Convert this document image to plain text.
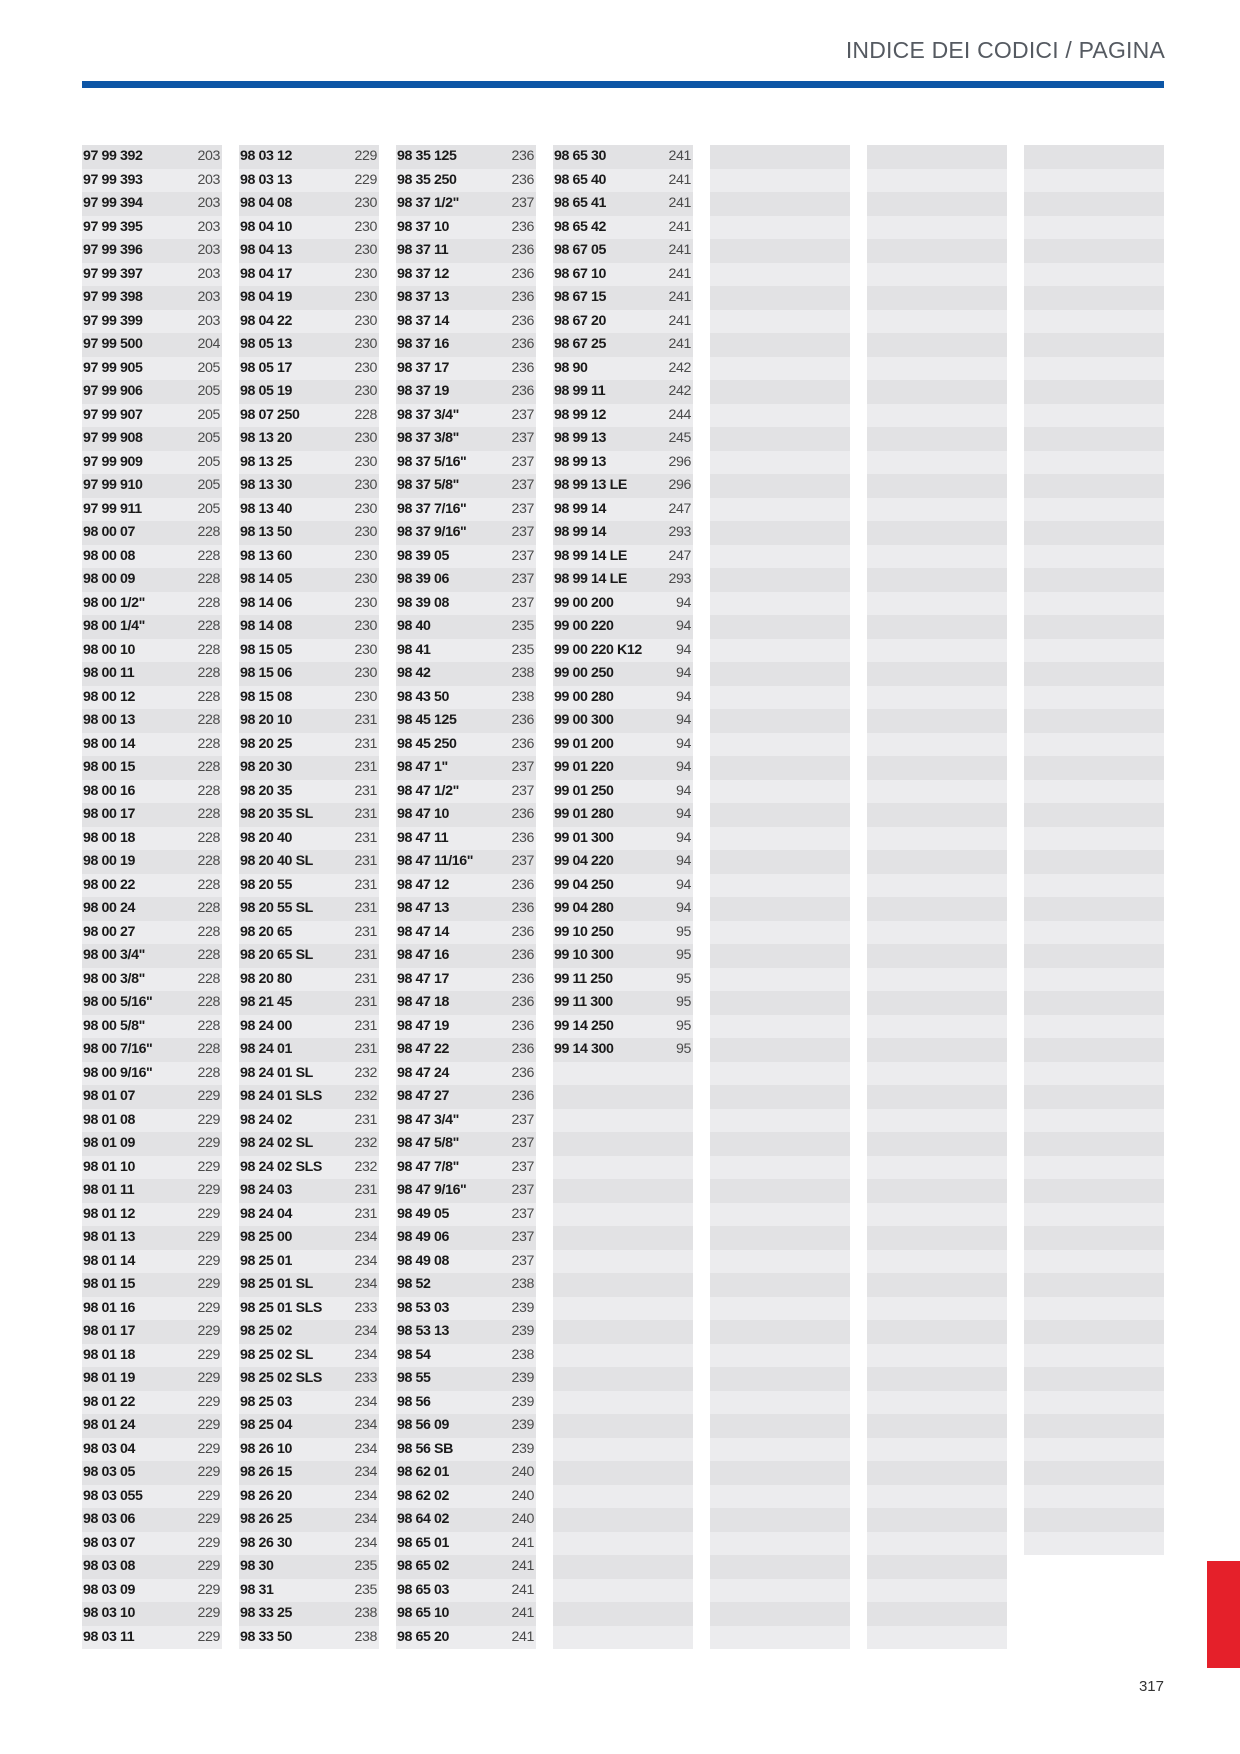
INDICE DEI CODICI / PAGINA
97 99 392	203
97 99 393	203
97 99 394	203
97 99 395	203
97 99 396	203
97 99 397	203
97 99 398	203
97 99 399	203
97 99 500	204
97 99 905	205
97 99 906	205
97 99 907	205
97 99 908	205
97 99 909	205
97 99 910	205
97 99 911	205
98 00 07	228
98 00 08	228
98 00 09	228
98 00 1/2"	228
98 00 1/4"	228
98 00 10	228
98 00 11	228
98 00 12	228
98 00 13	228
98 00 14	228
98 00 15	228
98 00 16	228
98 00 17	228
98 00 18	228
98 00 19	228
98 00 22	228
98 00 24	228
98 00 27	228
98 00 3/4"	228
98 00 3/8"	228
98 00 5/16"	228
98 00 5/8"	228
98 00 7/16"	228
98 00 9/16"	228
98 01 07	229
98 01 08	229
98 01 09	229
98 01 10	229
98 01 11	229
98 01 12	229
98 01 13	229
98 01 14	229
98 01 15	229
98 01 16	229
98 01 17	229
98 01 18	229
98 01 19	229
98 01 22	229
98 01 24	229
98 03 04	229
98 03 05	229
98 03 055	229
98 03 06	229
98 03 07	229
98 03 08	229
98 03 09	229
98 03 10	229
98 03 11	229
98 03 12	229
98 03 13	229
98 04 08	230
98 04 10	230
98 04 13	230
98 04 17	230
98 04 19	230
98 04 22	230
98 05 13	230
98 05 17	230
98 05 19	230
98 07 250	228
98 13 20	230
98 13 25	230
98 13 30	230
98 13 40	230
98 13 50	230
98 13 60	230
98 14 05	230
98 14 06	230
98 14 08	230
98 15 05	230
98 15 06	230
98 15 08	230
98 20 10	231
98 20 25	231
98 20 30	231
98 20 35	231
98 20 35 SL	231
98 20 40	231
98 20 40 SL	231
98 20 55	231
98 20 55 SL	231
98 20 65	231
98 20 65 SL	231
98 20 80	231
98 21 45	231
98 24 00	231
98 24 01	231
98 24 01 SL	232
98 24 01 SLS 232
98 24 02	231
98 24 02 SL	232
98 24 02 SLS 232
98 24 03	231
98 24 04	231
98 25 00	234
98 25 01	234
98 25 01 SL	234
98 25 01 SLS 233
98 25 02	234
98 25 02 SL	234
98 25 02 SLS 233
98 25 03	234
98 25 04	234
98 26 10	234
98 26 15	234
98 26 20	234
98 26 25	234
98 26 30	234
98 30	235
98 31	235
98 33 25	238
98 33 50	238
98 35 125	236
98 35 250	236
98 37 1/2"	237
98 37 10	236
98 37 11	236
98 37 12	236
98 37 13	236
98 37 14	236
98 37 16	236
98 37 17	236
98 37 19	236
98 37 3/4"	237
98 37 3/8"	237
98 37 5/16"	237
98 37 5/8"	237
98 37 7/16"	237
98 37 9/16"	237
98 39 05	237
98 39 06	237
98 39 08	237
98 40	235
98 41	235
98 42	238
98 43 50	238
98 45 125	236
98 45 250	236
98 47 1"	237
98 47 1/2"	237
98 47 10	236
98 47 11	236
98 47 11/16"	237
98 47 12	236
98 47 13	236
98 47 14	236
98 47 16	236
98 47 17	236
98 47 18	236
98 47 19	236
98 47 22	236
98 47 24	236
98 47 27	236
98 47 3/4"	237
98 47 5/8"	237
98 47 7/8"	237
98 47 9/16"	237
98 49 05	237
98 49 06	237
98 49 08	237
98 52	238
98 53 03	239
98 53 13	239
98 54	238
98 55	239
98 56	239
98 56 09	239
98 56 SB	239
98 62 01	240
98 62 02	240
98 64 02	240
98 65 01	241
98 65 02	241
98 65 03	241
98 65 10	241
98 65 20	241
98 65 30	241
98 65 40	241
98 65 41	241
98 65 42	241
98 67 05	241
98 67 10	241
98 67 15	241
98 67 20	241
98 67 25	241
98 90	242
98 99 11	242
98 99 12	244
98 99 13	245
98 99 13	296
98 99 13 LE	296
98 99 14	247
98 99 14	293
98 99 14 LE	247
98 99 14 LE	293
99 00 200	94
99 00 220	94
99 00 220 K12 94
99 00 250	94
99 00 280	94
99 00 300	94
99 01 200	94
99 01 220	94
99 01 250	94
99 01 280	94
99 01 300	94
99 04 220	94
99 04 250	94
99 04 280	94
99 10 250	95
99 10 300	95
99 11 250	95
99 11 300	95
99 14 250	95
99 14 300	95
317
